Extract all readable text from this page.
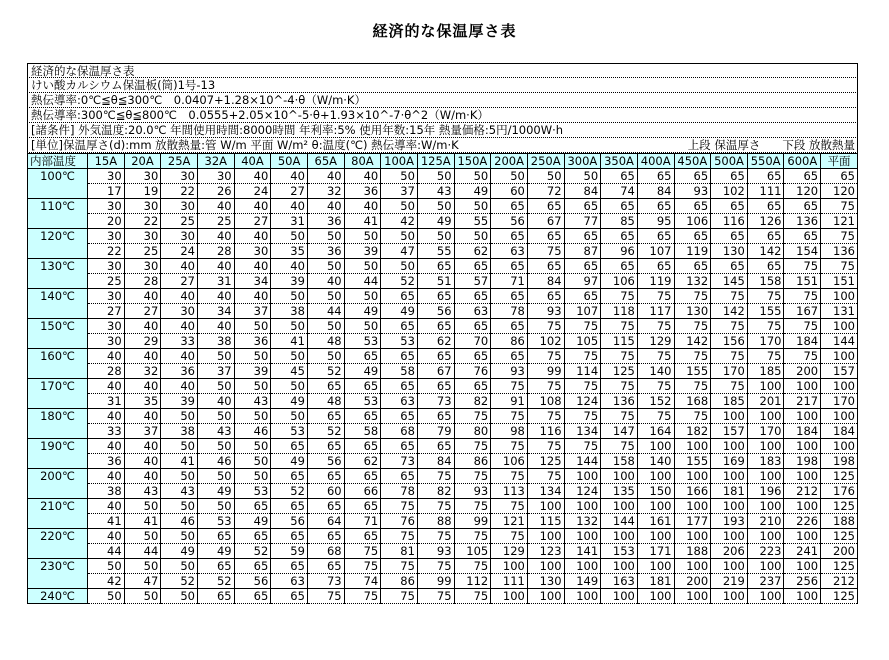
経済的な保温厚さ表
経済的な保温厚さ表
けい酸カルシウム保温板(筒)1号-13
熱伝導率:0℃≦θ≦300℃　0.0407+1.28×10^-4·θ（W/m·K）
熱伝導率:300℃≦θ≦800℃　0.0555+2.05×10^-5·θ+1.93×10^-7·θ^2（W/m·K）
[諸条件] 外気温度:20.0℃ 年間使用時間:8000時間 年利率:5% 使用年数:15年 熱量価格:5円/1000W·h
[単位]保温厚さ(d):mm 放散熱量:管 W/m 平面 W/m² θ:温度(℃) 熱伝導率:W/m·K	上段 保温厚さ 下段 放散熱量
内部温度	15A	20A	25A	32A	40A	50A	65A	80A	100A	125A	150A	200A	250A	300A	350A	400A	450A	500A	550A	600A	平面
100℃	30	30	30	30	40	40	40	40	50	50	50	50	50	50	65	65	65	65	65	65	65
	17	19	22	26	24	27	32	36	37	43	49	60	72	84	74	84	93	102	111	120	120
110℃	30	30	30	40	40	40	40	40	50	50	50	65	65	65	65	65	65	65	65	65	75
	20	22	25	25	27	31	36	41	42	49	55	56	67	77	85	95	106	116	126	136	121
120℃	30	30	30	40	40	50	50	50	50	50	50	65	65	65	65	65	65	65	65	65	75
	22	25	24	28	30	35	36	39	47	55	62	63	75	87	96	107	119	130	142	154	136
130℃	30	30	40	40	40	40	50	50	50	65	65	65	65	65	65	65	65	65	65	75	75
	25	28	27	31	34	39	40	44	52	51	57	71	84	97	106	119	132	145	158	151	151
140℃	30	40	40	40	40	50	50	50	65	65	65	65	65	65	75	75	75	75	75	75	100
	27	27	30	34	37	38	44	49	49	56	63	78	93	107	118	117	130	142	155	167	131
150℃	30	40	40	40	50	50	50	50	65	65	65	65	75	75	75	75	75	75	75	75	100
	30	29	33	38	36	41	48	53	53	62	70	86	102	105	115	129	142	156	170	184	144
160℃	40	40	40	50	50	50	50	65	65	65	65	65	75	75	75	75	75	75	75	75	100
	28	32	36	37	39	45	52	49	58	67	76	93	99	114	125	140	155	170	185	200	157
170℃	40	40	40	50	50	50	65	65	65	65	65	75	75	75	75	75	75	75	100	100	100
	31	35	39	40	43	49	48	53	63	73	82	91	108	124	136	152	168	185	201	217	170
180℃	40	40	50	50	50	50	65	65	65	65	75	75	75	75	75	75	75	100	100	100	100
	33	37	38	43	46	53	52	58	68	79	80	98	116	134	147	164	182	157	170	184	184
190℃	40	40	50	50	50	65	65	65	65	65	75	75	75	75	75	100	100	100	100	100	100
	36	40	41	46	50	49	56	62	73	84	86	106	125	144	158	140	155	169	183	198	198
200℃	40	40	50	50	50	65	65	65	65	75	75	75	75	100	100	100	100	100	100	100	125
	38	43	43	49	53	52	60	66	78	82	93	113	134	124	135	150	166	181	196	212	176
210℃	40	50	50	50	65	65	65	65	75	75	75	75	100	100	100	100	100	100	100	100	125
	41	41	46	53	49	56	64	71	76	88	99	121	115	132	144	161	177	193	210	226	188
220℃	40	50	50	65	65	65	65	65	75	75	75	75	100	100	100	100	100	100	100	100	125
	44	44	49	49	52	59	68	75	81	93	105	129	123	141	153	171	188	206	223	241	200
230℃	50	50	50	65	65	65	65	75	75	75	75	100	100	100	100	100	100	100	100	100	125
	42	47	52	52	56	63	73	74	86	99	112	111	130	149	163	181	200	219	237	256	212
240℃	50	50	50	65	65	65	75	75	75	75	75	100	100	100	100	100	100	100	100	100	125
